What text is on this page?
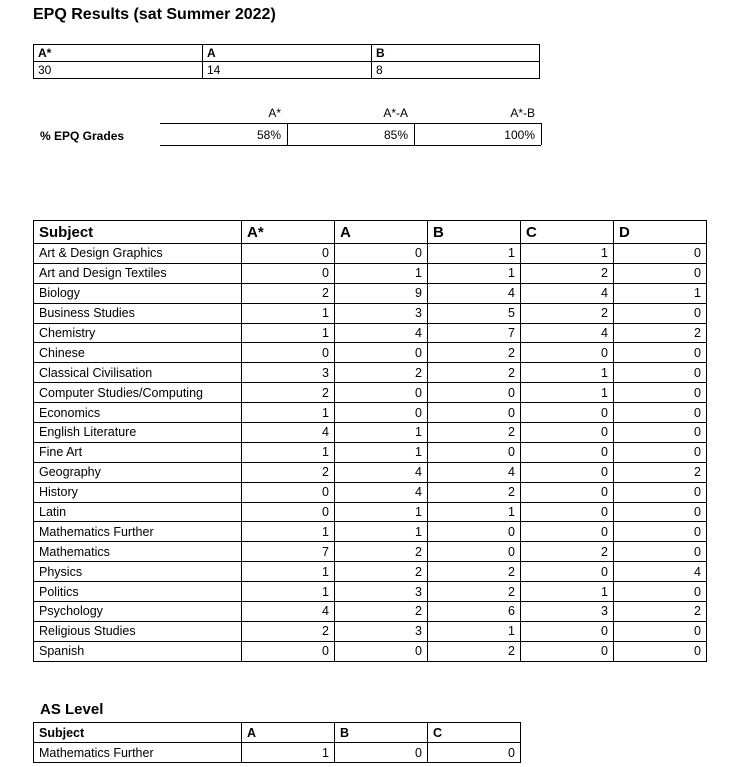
EPQ Results (sat Summer 2022)
A*	A	B
30	14	8
A*	A*-A	A*-B
% EPQ Grades	58%	85%	100%
Subject	A*	A	B	C	D
Art & Design Graphics	0	0	1	1	0
Art and Design Textiles	0	1	1	2	0
Biology	2	9	4	4	1
Business Studies	1	3	5	2	0
Chemistry	1	4	7	4	2
Chinese	0	0	2	0	0
Classical Civilisation	3	2	2	1	0
Computer Studies/Computing	2	0	0	1	0
Economics	1	0	0	0	0
English Literature	4	1	2	0	0
Fine Art	1	1	0	0	0
Geography	2	4	4	0	2
History	0	4	2	0	0
Latin	0	1	1	0	0
Mathematics Further	1	1	0	0	0
Mathematics	7	2	0	2	0
Physics	1	2	2	0	4
Politics	1	3	2	1	0
Psychology	4	2	6	3	2
Religious Studies	2	3	1	0	0
Spanish	0	0	2	0	0
AS Level
Subject	A	B	C
Mathematics Further	1	0	0
